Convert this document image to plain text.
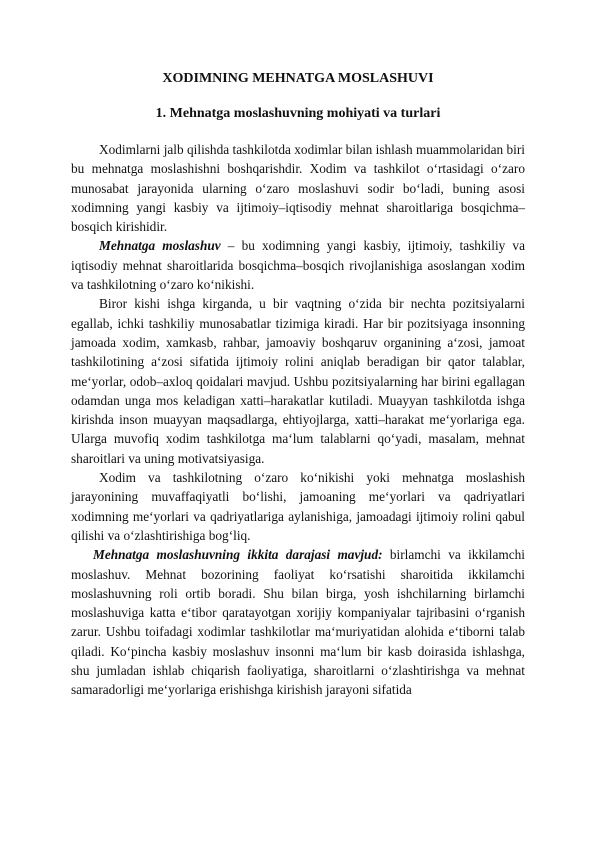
XODIMNING MEHNATGA MOSLASHUVI
1. Mehnatga moslashuvning mohiyati va turlari

Xodimlarni jalb qilishda tashkilotda xodimlar bilan ishlash muammolaridan biri bu mehnatga moslashishni boshqarishdir. Xodim va tashkilot o‘rtasidagi o‘zaro munosabat jarayonida ularning o‘zaro moslashuvi sodir bo‘ladi, buning asosi xodimning yangi kasbiy va ijtimoiy–iqtisodiy mehnat sharoitlariga bosqichma–bosqich kirishidir.

Mehnatga moslashuv – bu xodimning yangi kasbiy, ijtimoiy, tashkiliy va iqtisodiy mehnat sharoitlarida bosqichma–bosqich rivojlanishiga asoslangan xodim va tashkilotning o‘zaro ko‘nikishi.

Biror kishi ishga kirganda, u bir vaqtning o‘zida bir nechta pozitsiyalarni egallab, ichki tashkiliy munosabatlar tizimiga kiradi. Har bir pozitsiyaga insonning jamoada xodim, xamkasb, rahbar, jamoaviy boshqaruv organining a‘zosi, jamoat tashkilotining a‘zosi sifatida ijtimoiy rolini aniqlab beradigan bir qator talablar, me‘yorlar, odob–axloq qoidalari mavjud. Ushbu pozitsiyalarning har birini egallagan odamdan unga mos keladigan xatti–harakatlar kutiladi. Muayyan tashkilotda ishga kirishda inson muayyan maqsadlarga, ehtiyojlarga, xatti–harakat me‘yorlariga ega. Ularga muvofiq xodim tashkilotga ma‘lum talablarni qo‘yadi, masalam, mehnat sharoitlari va uning motivatsiyasiga.

Xodim va tashkilotning o‘zaro ko‘nikishi yoki mehnatga moslashish jarayonining muvaffaqiyatli bo‘lishi, jamoaning me‘yorlari va qadriyatlari xodimning me‘yorlari va qadriyatlariga aylanishiga, jamoadagi ijtimoiy rolini qabul qilishi va o‘zlashtirishiga bog‘liq.

Mehnatga moslashuvning ikkita darajasi mavjud: birlamchi va ikkilamchi moslashuv. Mehnat bozorining faoliyat ko‘rsatishi sharoitida ikkilamchi moslashuvning roli ortib boradi. Shu bilan birga, yosh ishchilarning birlamchi moslashuviga katta e‘tibor qaratayotgan xorijiy kompaniyalar tajribasini o‘rganish zarur. Ushbu toifadagi xodimlar tashkilotlar ma‘muriyatidan alohida e‘tiborni talab qiladi. Ko‘pincha kasbiy moslashuv insonni ma‘lum bir kasb doirasida ishlashga, shu jumladan ishlab chiqarish faoliyatiga, sharoitlarni o‘zlashtirishga va mehnat samaradorligi me‘yorlariga erishishga kirishish jarayoni sifatida
